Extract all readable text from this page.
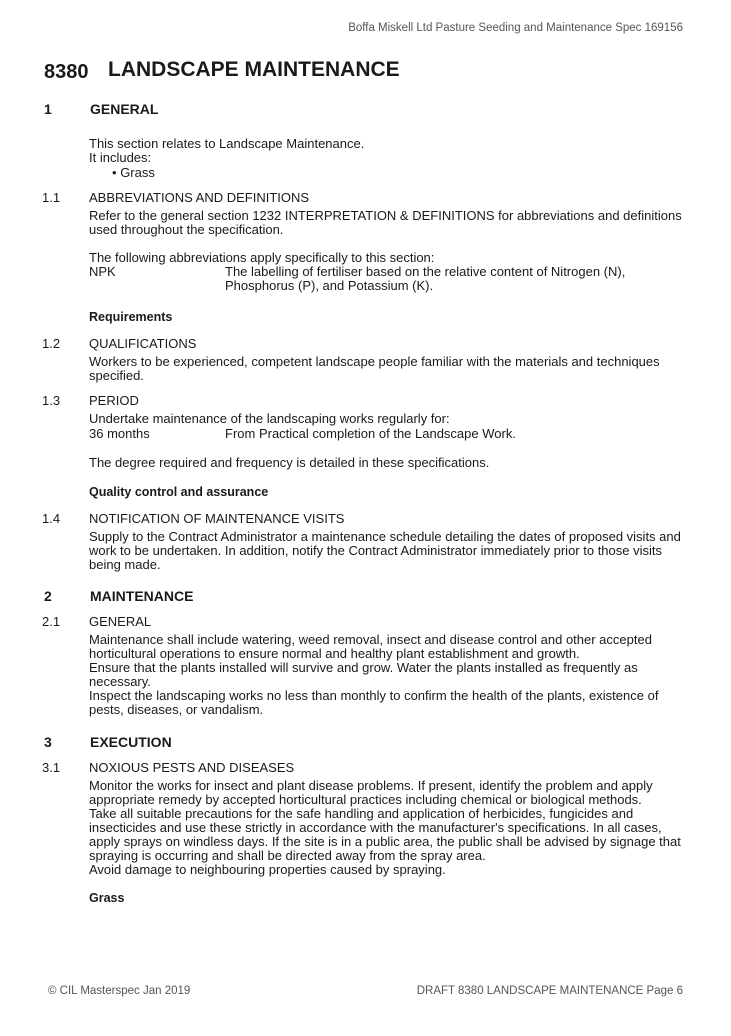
Boffa Miskell Ltd Pasture Seeding and Maintenance Spec 169156
8380 LANDSCAPE MAINTENANCE
1	GENERAL

This section relates to Landscape Maintenance.

It includes:

• Grass
1.1 ABBREVIATIONS AND DEFINITIONS
Refer to the general section 1232 INTERPRETATION & DEFINITIONS for abbreviations and definitions used throughout the specification.
The following abbreviations apply specifically to this section:
NPK	The labelling of fertiliser based on the relative content of Nitrogen (N), Phosphorus (P), and Potassium (K).
Requirements
1.2 QUALIFICATIONS
Workers to be experienced, competent landscape people familiar with the materials and techniques specified.
1.3 PERIOD
Undertake maintenance of the landscaping works regularly for:
36 months	From Practical completion of the Landscape Work.
The degree required and frequency is detailed in these specifications.
Quality control and assurance
1.4 NOTIFICATION OF MAINTENANCE VISITS
Supply to the Contract Administrator a maintenance schedule detailing the dates of proposed visits and work to be undertaken. In addition, notify the Contract Administrator immediately prior to those visits being made.
2	MAINTENANCE
2.1 GENERAL

Maintenance shall include watering, weed removal, insect and disease control and other accepted horticultural operations to ensure normal and healthy plant establishment and growth.

Ensure that the plants installed will survive and grow. Water the plants installed as frequently as necessary.

Inspect the landscaping works no less than monthly to confirm the health of the plants, existence of pests, diseases, or vandalism.

3	EXECUTION
3.1 NOXIOUS PESTS AND DISEASES

Monitor the works for insect and plant disease problems. If present, identify the problem and apply appropriate remedy by accepted horticultural practices including chemical or biological methods.

Take all suitable precautions for the safe handling and application of herbicides, fungicides and insecticides and use these strictly in accordance with the manufacturer's specifications. In all cases, apply sprays on windless days. If the site is in a public area, the public shall be advised by signage that spraying is occurring and shall be directed away from the spray area.

Avoid damage to neighbouring properties caused by spraying.

Grass
© CIL Masterspec Jan 2019	DRAFT 8380 LANDSCAPE MAINTENANCE Page 6
